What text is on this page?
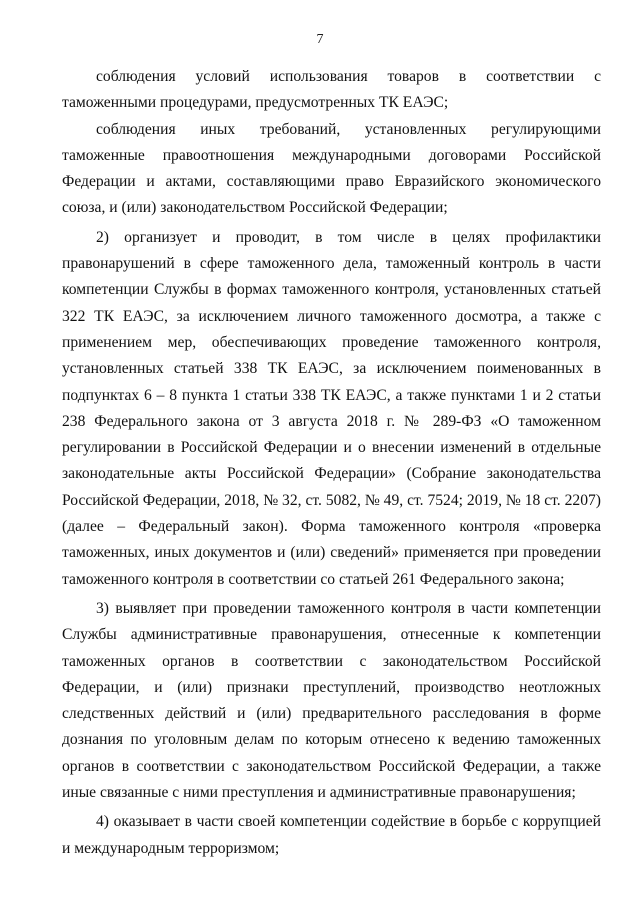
7

соблюдения условий использования товаров в соответствии с таможенными процедурами, предусмотренных ТК ЕАЭС;

соблюдения иных требований, установленных регулирующими таможенные правоотношения международными договорами Российской Федерации и актами, составляющими право Евразийского экономического союза, и (или) законодательством Российской Федерации;

2) организует и проводит, в том числе в целях профилактики правонарушений в сфере таможенного дела, таможенный контроль в части компетенции Службы в формах таможенного контроля, установленных статьей 322 ТК ЕАЭС, за исключением личного таможенного досмотра, а также с применением мер, обеспечивающих проведение таможенного контроля, установленных статьей 338 ТК ЕАЭС, за исключением поименованных в подпунктах 6 – 8 пункта 1 статьи 338 ТК ЕАЭС, а также пунктами 1 и 2 статьи 238 Федерального закона от 3 августа 2018 г. № 289-ФЗ «О таможенном регулировании в Российской Федерации и о внесении изменений в отдельные законодательные акты Российской Федерации» (Собрание законодательства Российской Федерации, 2018, № 32, ст. 5082, № 49, ст. 7524; 2019, № 18 ст. 2207) (далее – Федеральный закон). Форма таможенного контроля «проверка таможенных, иных документов и (или) сведений» применяется при проведении таможенного контроля в соответствии со статьей 261 Федерального закона;

3) выявляет при проведении таможенного контроля в части компетенции Службы административные правонарушения, отнесенные к компетенции таможенных органов в соответствии с законодательством Российской Федерации, и (или) признаки преступлений, производство неотложных следственных действий и (или) предварительного расследования в форме дознания по уголовным делам по которым отнесено к ведению таможенных органов в соответствии с законодательством Российской Федерации, а также иные связанные с ними преступления и административные правонарушения;

4) оказывает в части своей компетенции содействие в борьбе с коррупцией и международным терроризмом;
